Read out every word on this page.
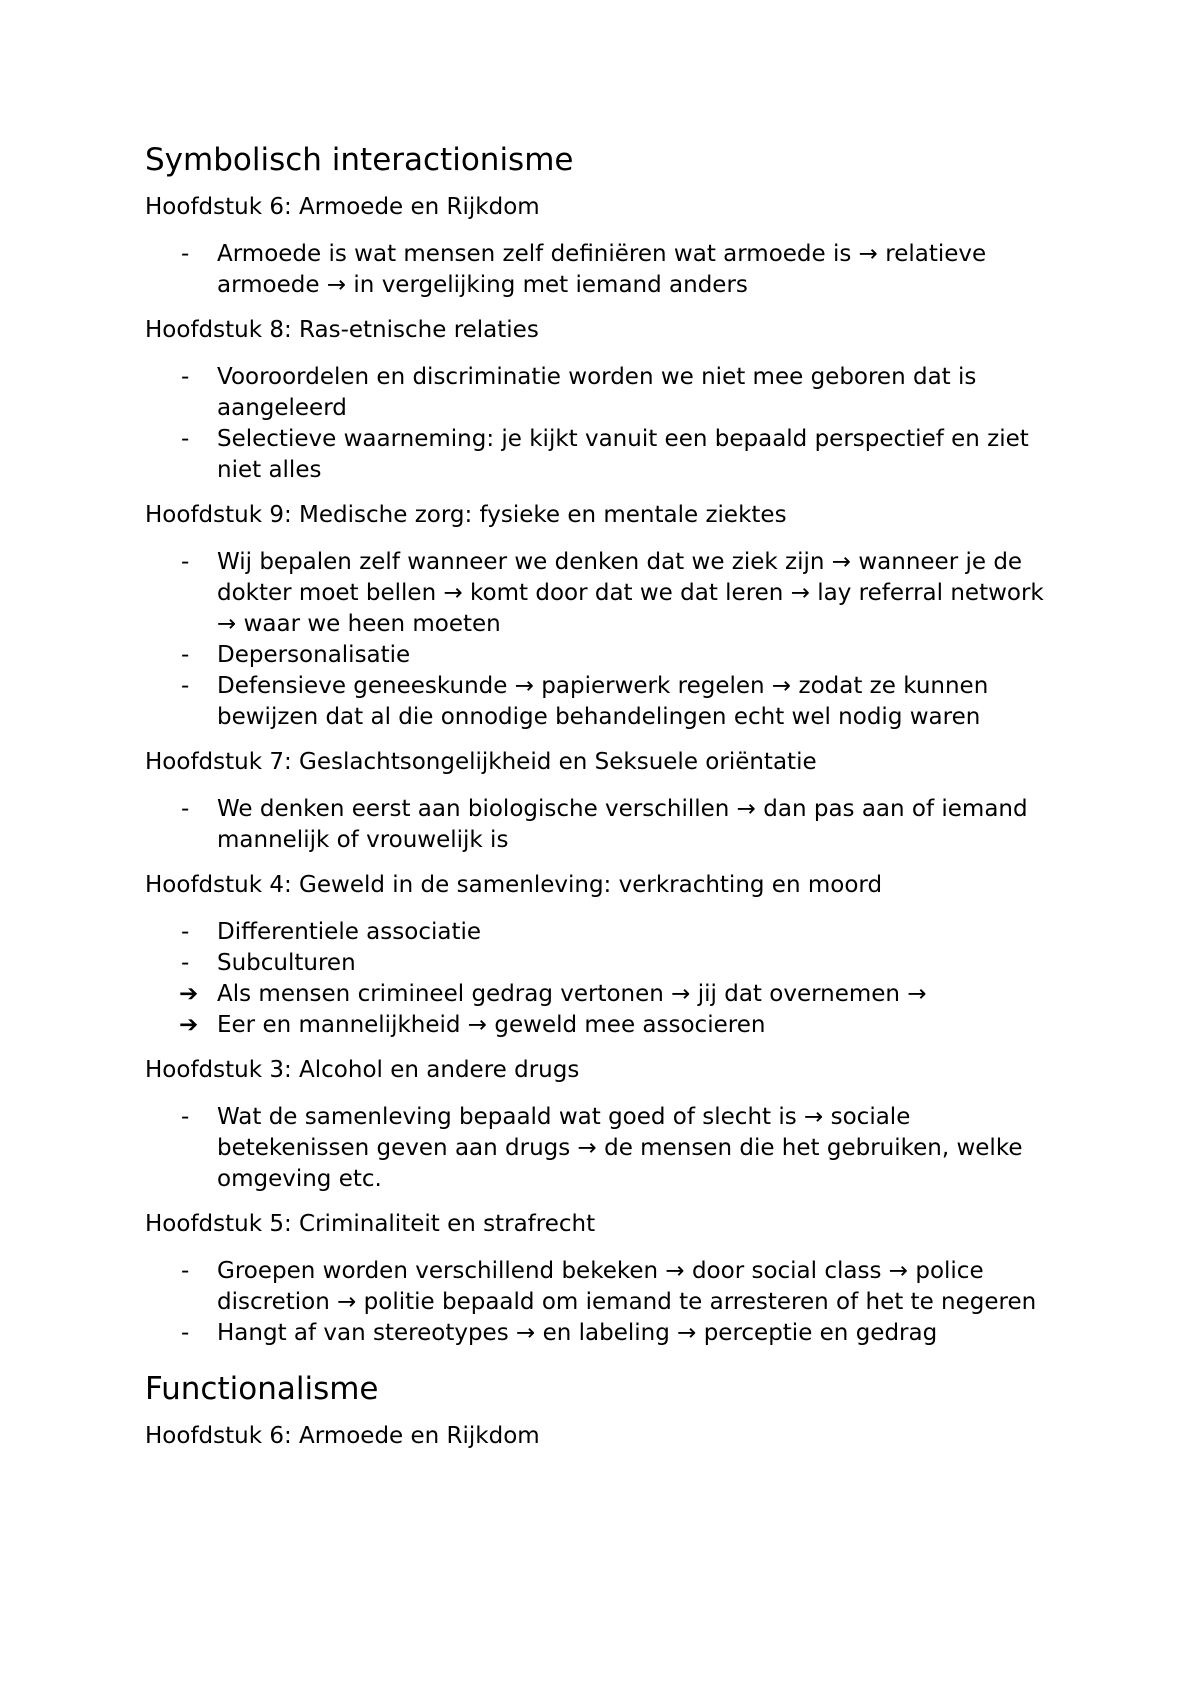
Symbolisch interactionisme
Hoofdstuk 6: Armoede en Rijkdom
-	Armoede is wat mensen zelf definiëren wat armoede is → relatieve armoede → in vergelijking met iemand anders
Hoofdstuk 8: Ras-etnische relaties
-	Vooroordelen en discriminatie worden we niet mee geboren dat is aangeleerd
-	Selectieve waarneming: je kijkt vanuit een bepaald perspectief en ziet niet alles
Hoofdstuk 9: Medische zorg: fysieke en mentale ziektes
-	Wij bepalen zelf wanneer we denken dat we ziek zijn → wanneer je de dokter moet bellen → komt door dat we dat leren → lay referral network → waar we heen moeten
-	Depersonalisatie
-	Defensieve geneeskunde → papierwerk regelen → zodat ze kunnen bewijzen dat al die onnodige behandelingen echt wel nodig waren
Hoofdstuk 7: Geslachtsongelijkheid en Seksuele oriëntatie
-	We denken eerst aan biologische verschillen → dan pas aan of iemand mannelijk of vrouwelijk is
Hoofdstuk 4: Geweld in de samenleving: verkrachting en moord
-	Differentiele associatie
-	Subculturen
➔ Als mensen crimineel gedrag vertonen → jij dat overnemen →
➔ Eer en mannelijkheid → geweld mee associeren
Hoofdstuk 3: Alcohol en andere drugs
-	Wat de samenleving bepaald wat goed of slecht is → sociale betekenissen geven aan drugs → de mensen die het gebruiken, welke omgeving etc.
Hoofdstuk 5: Criminaliteit en strafrecht
-	Groepen worden verschillend bekeken → door social class → police discretion → politie bepaald om iemand te arresteren of het te negeren
-	Hangt af van stereotypes → en labeling → perceptie en gedrag
Functionalisme
Hoofdstuk 6: Armoede en Rijkdom
